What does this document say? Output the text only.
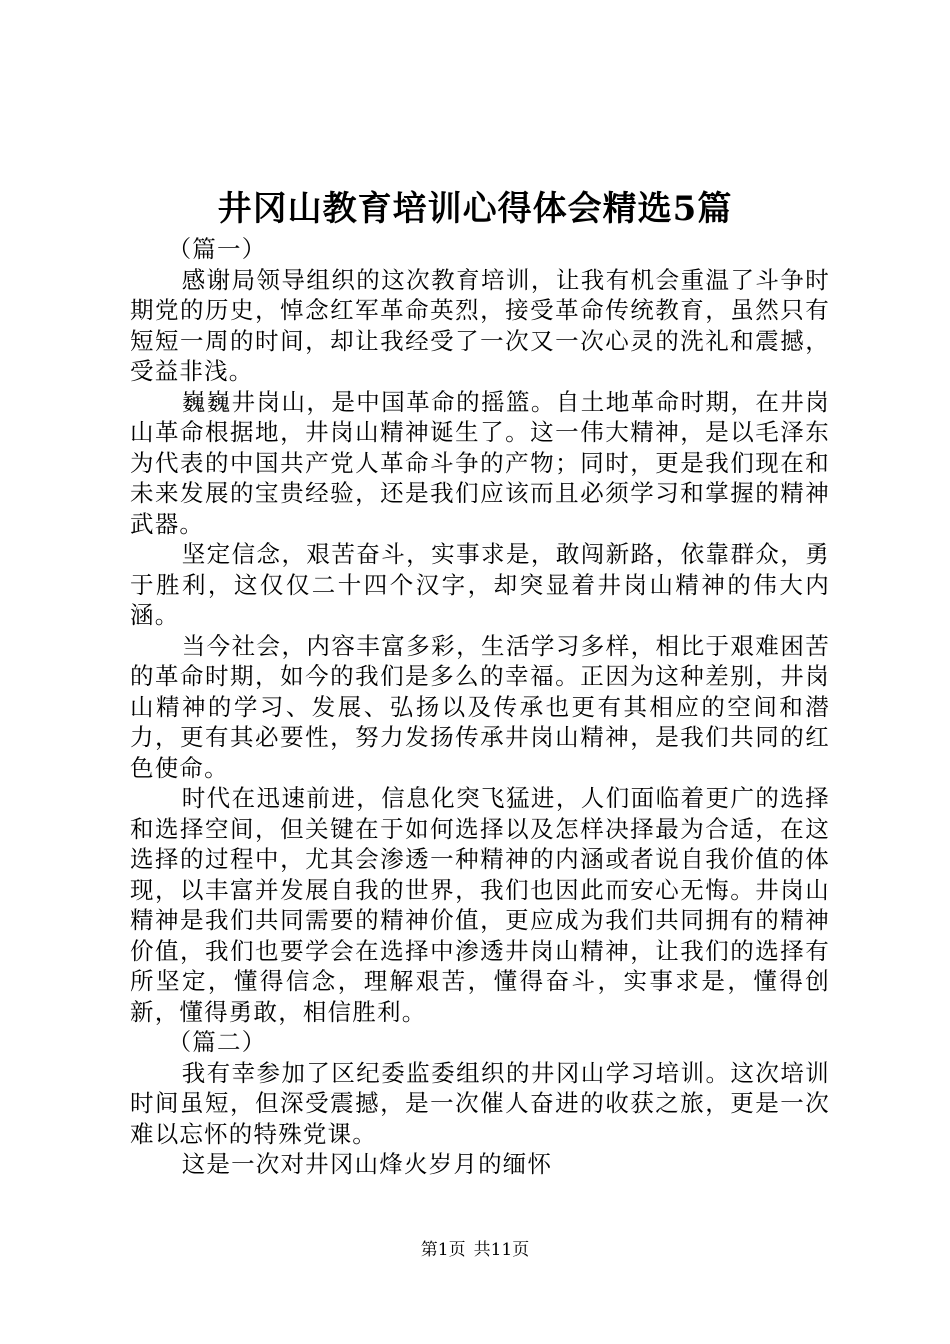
井冈山教育培训心得体会精选5篇

（篇一）

感谢局领导组织的这次教育培训，让我有机会重温了斗争时期党的历史，悼念红军革命英烈，接受革命传统教育，虽然只有短短一周的时间，却让我经受了一次又一次心灵的洗礼和震撼，受益非浅。

巍巍井岗山，是中国革命的摇篮。自土地革命时期，在井岗山革命根据地，井岗山精神诞生了。这一伟大精神，是以毛泽东为代表的中国共产党人革命斗争的产物；同时，更是我们现在和未来发展的宝贵经验，还是我们应该而且必须学习和掌握的精神武器。

坚定信念，艰苦奋斗，实事求是，敢闯新路，依靠群众，勇于胜利，这仅仅二十四个汉字，却突显着井岗山精神的伟大内涵。

当今社会，内容丰富多彩，生活学习多样，相比于艰难困苦的革命时期，如今的我们是多么的幸福。正因为这种差别，井岗山精神的学习、发展、弘扬以及传承也更有其相应的空间和潜力，更有其必要性，努力发扬传承井岗山精神，是我们共同的红色使命。

时代在迅速前进，信息化突飞猛进，人们面临着更广的选择和选择空间，但关键在于如何选择以及怎样决择最为合适，在这选择的过程中，尤其会渗透一种精神的内涵或者说自我价值的体现，以丰富并发展自我的世界，我们也因此而安心无悔。井岗山精神是我们共同需要的精神价值，更应成为我们共同拥有的精神价值，我们也要学会在选择中渗透井岗山精神，让我们的选择有所坚定，懂得信念，理解艰苦，懂得奋斗，实事求是，懂得创新，懂得勇敢，相信胜利。

（篇二）

我有幸参加了区纪委监委组织的井冈山学习培训。这次培训时间虽短，但深受震撼，是一次催人奋进的收获之旅，更是一次难以忘怀的特殊党课。

这是一次对井冈山烽火岁月的缅怀

第1页 共11页
